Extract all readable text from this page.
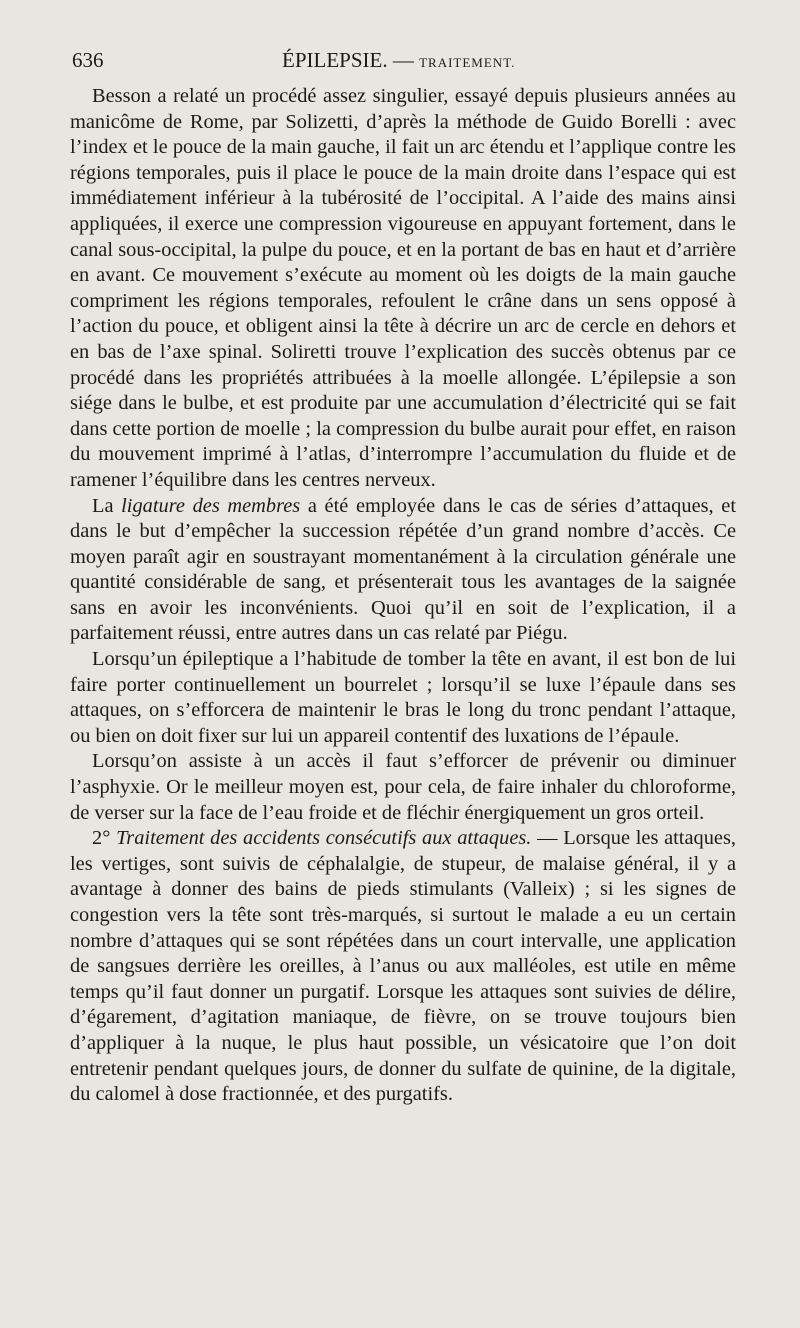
636	ÉPILEPSIE. — TRAITEMENT.

Besson a relaté un procédé assez singulier, essayé depuis plusieurs années au manicôme de Rome, par Solizetti, d’après la méthode de Guido Borelli : avec l’index et le pouce de la main gauche, il fait un arc étendu et l’applique contre les régions temporales, puis il place le pouce de la main droite dans l’espace qui est immédiatement inférieur à la tubérosité de l’occipital. A l’aide des mains ainsi appliquées, il exerce une compression vigoureuse en appuyant fortement, dans le canal sous-occipital, la pulpe du pouce, et en la portant de bas en haut et d’arrière en avant. Ce mouvement s’exécute au moment où les doigts de la main gauche compriment les régions temporales, refoulent le crâne dans un sens opposé à l’action du pouce, et obligent ainsi la tête à décrire un arc de cercle en dehors et en bas de l’axe spinal. Soliretti trouve l’explication des succès obtenus par ce procédé dans les propriétés attribuées à la moelle allongée. L’épilepsie a son siége dans le bulbe, et est produite par une accumulation d’électricité qui se fait dans cette portion de moelle ; la compression du bulbe aurait pour effet, en raison du mouvement imprimé à l’atlas, d’interrompre l’accumulation du fluide et de ramener l’équilibre dans les centres nerveux.

La ligature des membres a été employée dans le cas de séries d’attaques, et dans le but d’empêcher la succession répétée d’un grand nombre d’accès. Ce moyen paraît agir en soustrayant momentanément à la circulation générale une quantité considérable de sang, et présenterait tous les avantages de la saignée sans en avoir les inconvénients. Quoi qu’il en soit de l’explication, il a parfaitement réussi, entre autres dans un cas relaté par Piégu.

Lorsqu’un épileptique a l’habitude de tomber la tête en avant, il est bon de lui faire porter continuellement un bourrelet ; lorsqu’il se luxe l’épaule dans ses attaques, on s’efforcera de maintenir le bras le long du tronc pendant l’attaque, ou bien on doit fixer sur lui un appareil contentif des luxations de l’épaule.

Lorsqu’on assiste à un accès il faut s’efforcer de prévenir ou diminuer l’asphyxie. Or le meilleur moyen est, pour cela, de faire inhaler du chloroforme, de verser sur la face de l’eau froide et de fléchir énergiquement un gros orteil.

2° Traitement des accidents consécutifs aux attaques. — Lorsque les attaques, les vertiges, sont suivis de céphalalgie, de stupeur, de malaise général, il y a avantage à donner des bains de pieds stimulants (Valleix) ; si les signes de congestion vers la tête sont très-marqués, si surtout le malade a eu un certain nombre d’attaques qui se sont répétées dans un court intervalle, une application de sangsues derrière les oreilles, à l’anus ou aux malléoles, est utile en même temps qu’il faut donner un purgatif. Lorsque les attaques sont suivies de délire, d’égarement, d’agitation maniaque, de fièvre, on se trouve toujours bien d’appliquer à la nuque, le plus haut possible, un vésicatoire que l’on doit entretenir pendant quelques jours, de donner du sulfate de quinine, de la digitale, du calomel à dose fractionnée, et des purgatifs.
